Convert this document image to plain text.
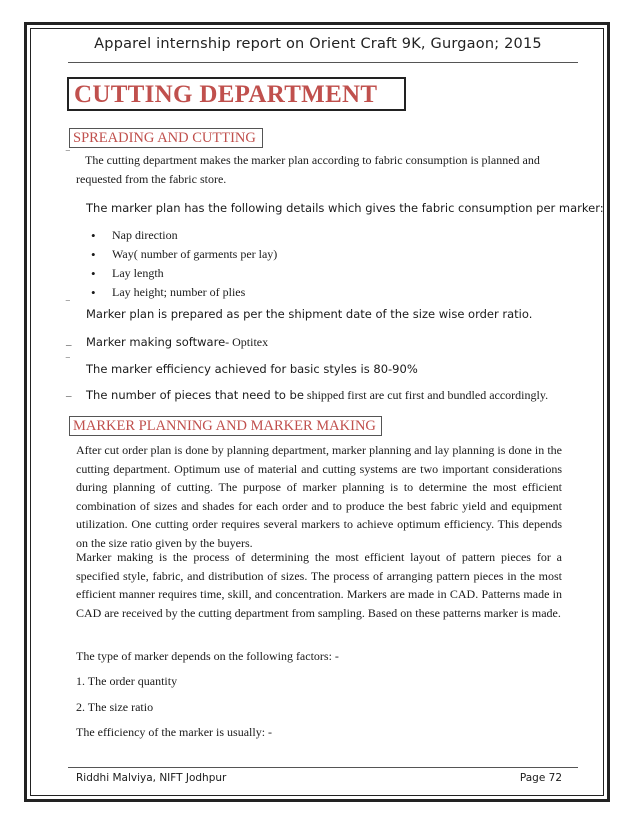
Apparel internship report on Orient Craft 9K, Gurgaon; 2015
CUTTING DEPARTMENT
SPREADING AND CUTTING
‾ The cutting department makes the marker plan according to fabric consumption is planned and
requested from the fabric store.
The marker plan has the following details which gives the fabric consumption per marker:
• Nap direction
• Way( number of garments per lay)
• Lay length
• Lay height; number of plies
‾
Marker plan is prepared as per the shipment date of the size wise order ratio.
_ Marker making software- Optitex
‾ The marker efficiency achieved for basic styles is 80-90%
_ The number of pieces that need to be shipped first are cut first and bundled accordingly.
MARKER PLANNING AND MARKER MAKING

After cut order plan is done by planning department, marker planning and lay planning is done in the cutting department. Optimum use of material and cutting systems are two important considerations during planning of cutting. The purpose of marker planning is to determine the most efficient combination of sizes and shades for each order and to produce the best fabric yield and equipment utilization. One cutting order requires several markers to achieve optimum efficiency. This depends on the size ratio given by the buyers.

Marker making is the process of determining the most efficient layout of pattern pieces for a specified style, fabric, and distribution of sizes. The process of arranging pattern pieces in the most efficient manner requires time, skill, and concentration. Markers are made in CAD. Patterns made in CAD are received by the cutting department from sampling. Based on these patterns marker is made.

The type of marker depends on the following factors: -
1. The order quantity
2. The size ratio
The efficiency of the marker is usually: -
Riddhi Malviya, NIFT Jodhpur	Page 72
